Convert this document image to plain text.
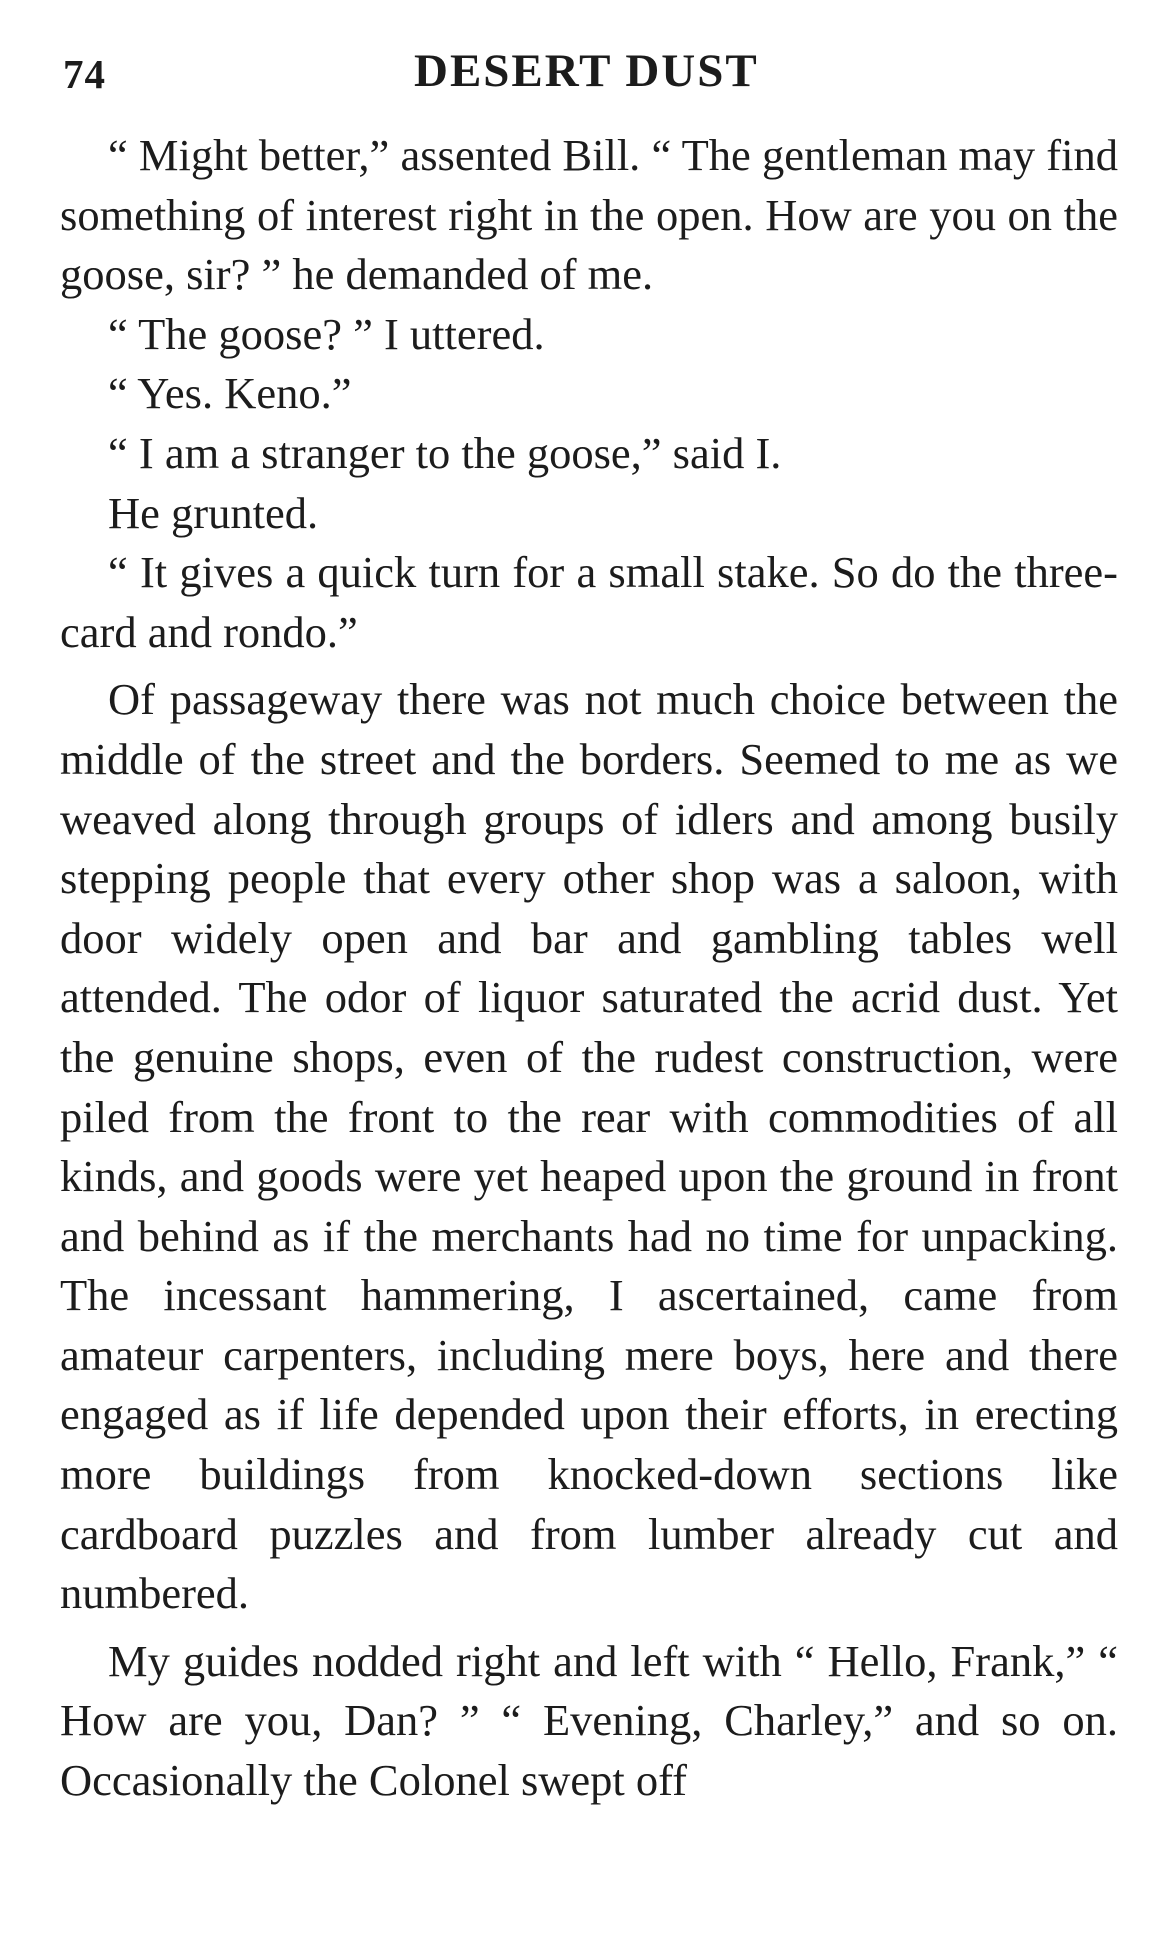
74	DESERT DUST

“ Might better,” assented Bill. “ The gentleman may find something of interest right in the open. How are you on the goose, sir? ” he demanded of me.

“ The goose? ” I uttered.

“ Yes. Keno.”

“ I am a stranger to the goose,” said I.

He grunted.

“ It gives a quick turn for a small stake. So do the three-card and rondo.”

Of passageway there was not much choice between the middle of the street and the borders. Seemed to me as we weaved along through groups of idlers and among busily stepping people that every other shop was a saloon, with door widely open and bar and gambling tables well attended. The odor of liquor saturated the acrid dust. Yet the genuine shops, even of the rudest construction, were piled from the front to the rear with commodities of all kinds, and goods were yet heaped upon the ground in front and behind as if the merchants had no time for unpacking. The incessant hammering, I ascertained, came from amateur carpenters, including mere boys, here and there engaged as if life depended upon their efforts, in erecting more buildings from knocked-down sections like cardboard puzzles and from lumber already cut and numbered.

My guides nodded right and left with “ Hello, Frank,” “ How are you, Dan? ” “ Evening, Charley,” and so on. Occasionally the Colonel swept off
